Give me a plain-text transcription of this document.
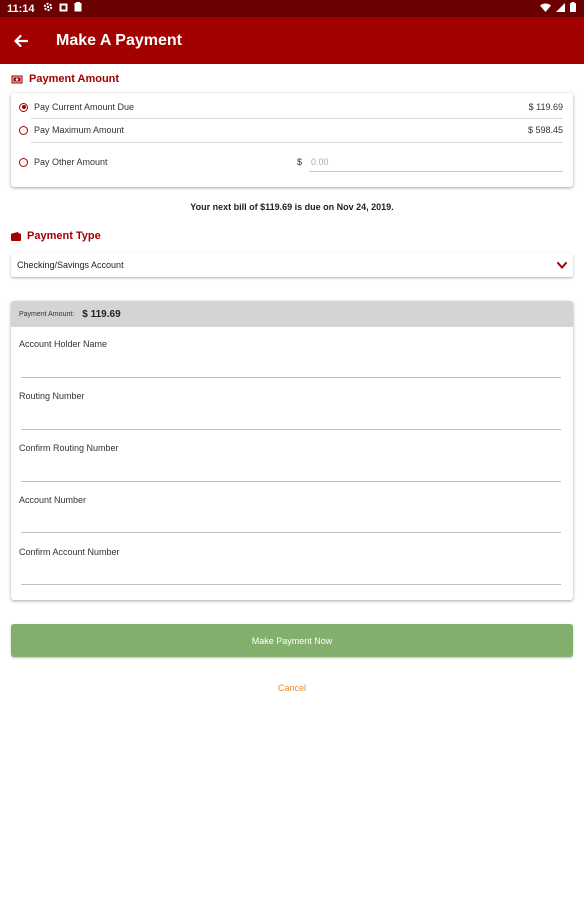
11:14
Make A Payment
Payment Amount
Pay Current Amount Due	$ 119.69
Pay Maximum Amount	$ 598.45
Pay Other Amount	$ 0.00
Your next bill of $119.69 is due on Nov 24, 2019.
Payment Type
Checking/Savings Account
Payment Amount: $ 119.69
Account Holder Name
Routing Number
Confirm Routing Number
Account Number
Confirm Account Number
Make Payment Now
Cancel
